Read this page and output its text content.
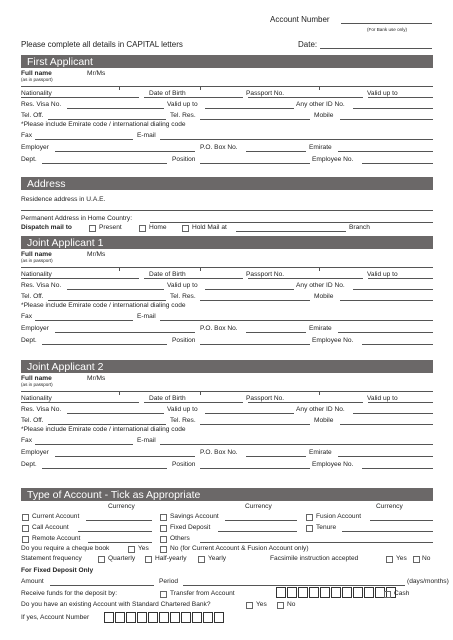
Account Number
(For Bank use only)
Please complete all details in CAPITAL letters	Date:
First Applicant
Full name
(as in passport)
Mr/Ms
Nationality	Date of Birth	Passport No.	Valid up to
Res. Visa No.	Valid up to	Any other ID No.
Tel. Off.	Tel. Res.	Mobile
*Please include Emirate code / international dialing code
Fax	E-mail
Employer	P.O. Box No.	Emirate
Dept.	Position	Employee No.
Joint Applicant 1
Full name
(as in passport)
Mr/Ms
Nationality	Date of Birth	Passport No.	Valid up to
Res. Visa No.	Valid up to	Any other ID No.
Tel. Off.	Tel. Res.	Mobile
*Please include Emirate code / international dialing code
Fax	E-mail
Employer	P.O. Box No.	Emirate
Dept.	Position	Employee No.
Joint Applicant 2
Full name
(as in passport)
Mr/Ms
Nationality	Date of Birth	Passport No.	Valid up to
Res. Visa No.	Valid up to	Any other ID No.
Tel. Off.	Tel. Res.	Mobile
*Please include Emirate code / international dialing code
Fax	E-mail
Employer	P.O. Box No.	Emirate
Dept.	Position	Employee No.
Address
Residence address in U.A.E.
Permanent Address in Home Country:
Dispatch mail to	Present	Home	Hold Mail at	Branch
Type of Account - Tick as Appropriate
Currency	Currency	Currency
Current Account	Savings Account	Fusion Account
Call Account	Fixed Deposit	Tenure
Remote Account	Others
Do you require a cheque book	Yes	No (for Current Account & Fusion Account only)
Statement frequency	Quarterly	Half-yearly	Yearly	Facsimile instruction accepted	Yes No
For Fixed Deposit Only
Amount	Period	(days/months)
Receive funds for the deposit by:	Transfer from Account	Cash
Do you have an existing Account with Standard Chartered Bank?	Yes	No
If yes, Account Number
